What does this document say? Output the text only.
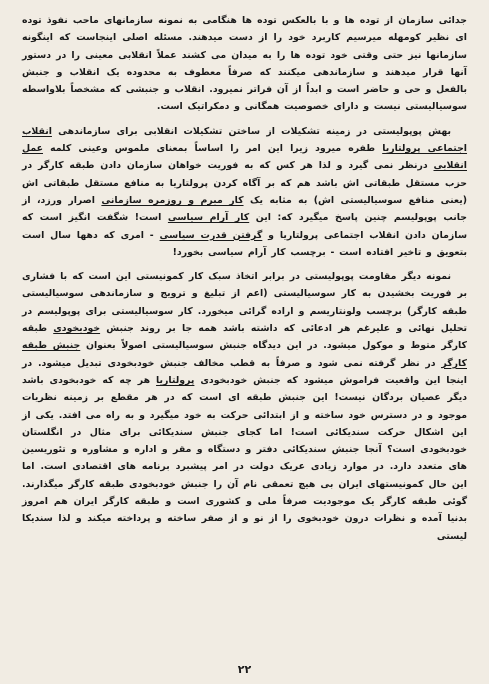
جدائی سازمان از توده ها و با بالعکس توده ها هنگامی به نمونه سازمانهای ماحب نفوذ توده ای نظیر کومهله میرسیم کاربرد خود را از دست میدهند. مسئله اصلی اینجاست که اینگونه سازمانها نیز حتی وقتی خود توده ها را به میدان می کشند عملاً انقلابی معینی را در دستور آنها قرار میدهند و سازماندهی میکنند که صرفاً معطوف به محدوده یک انقلاب و جنبش بالفعل و حی و حاضر است و ابداً از آن فراتر نمیرود. انقلاب و جنبشی که مشخصاً بلاواسطه سوسیالیستی نیست و دارای خصوصیت همگانی و دمکراتیک است.

بهش پوپولیستی در زمینه تشکیلات از ساختن تشکیلات انقلابی برای سازماندهی انقلاب اجتماعی پرولتاریا طفره میرود زیرا این امر را اساساً بمعنای ملموس وعینی کلمه عمل انقلابی درنظر نمی گیرد و لذا هر کس که به فوریت خواهان سازمان دادن طبقه کارگر در حزب مستقل طبقاتی اش باشد هم که بر آگاه کردن پرولتاریا به منافع مستقل طبقاتی اش (یعنی منافع سوسیالیستی اش) به مثابه یک کار مبرم و روزمره سازمانی اصرار ورزد، از جانب پوپولیسم چنین پاسخ میگیرد که: این کار آرام سیاسی است! شگفت انگیز است که سازمان دادن انقلاب اجتماعی پرولتاریا و گرفتن قدرت سیاسی - امری که دهها سال است بتعویق و تاخیر افتاده است - برچسب کار آرام سیاسی بخورد!

نمونه دیگر مقاومت پوپولیستی در برابر اتخاذ سبک کار کمونیستی این است که با فشاری بر فوریت بخشیدن به کار سوسیالیستی (اعم از تبلیغ و ترویج و سازماندهی سوسیالیستی طبقه کارگر) برچسب ولونتاریسم و اراده گرائی میخورد. کار سوسیالیستی برای پوپولیسم در تحلیل نهائی و علیرغم هر ادعائی که داشته باشد همه جا بر روند جنبش خودبخودی طبقه کارگر متوط و موکول میشود. در این دیدگاه جنبش سوسیالیستی اصولاً بعنوان جنبش طبقه کارگر در نظر گرفته نمی شود و صرفاً به قطب مخالف جنبش خودبخودی تبدیل میشود. در اینجا این واقعیت فراموش میشود که جنبش خودبخودی پرولتاریا هر چه که خودبخودی باشد دیگر عصیان بردگان نیست! این جنبش طبقه ای است که در هر مقطع بر زمینه نظریات موجود و در دسترس خود ساخته و از ابتدائی حرکت به خود میگیرد و به راه می افتد. یکی از این اشکال حرکت سندیکائی است! اما کجای جنبش سندیکائی برای مثال در انگلستان خودبخودی است؟ آنجا جنبش سندیکائی دفتر و دستگاه و مقر و اداره و مشاوره و تئوریسین های متعدد دارد. در موارد زیادی عریک دولت در امر پیشبرد برنامه های اقتصادی است. اما این حال کمونیستهای ایران بی هیچ تعمقی نام آن را جنبش خودبخودی طبقه کارگر میگذارند. گوئی طبقه کارگر یک موجودیت صرفاً ملی و کشوری است و طبقه کارگر ایران هم امروز بدنیا آمده و نظرات درون خودبخوی را از نو و از صفر ساخته و پرداخته میکند و لذا سندیکا لیستی

۲۲
